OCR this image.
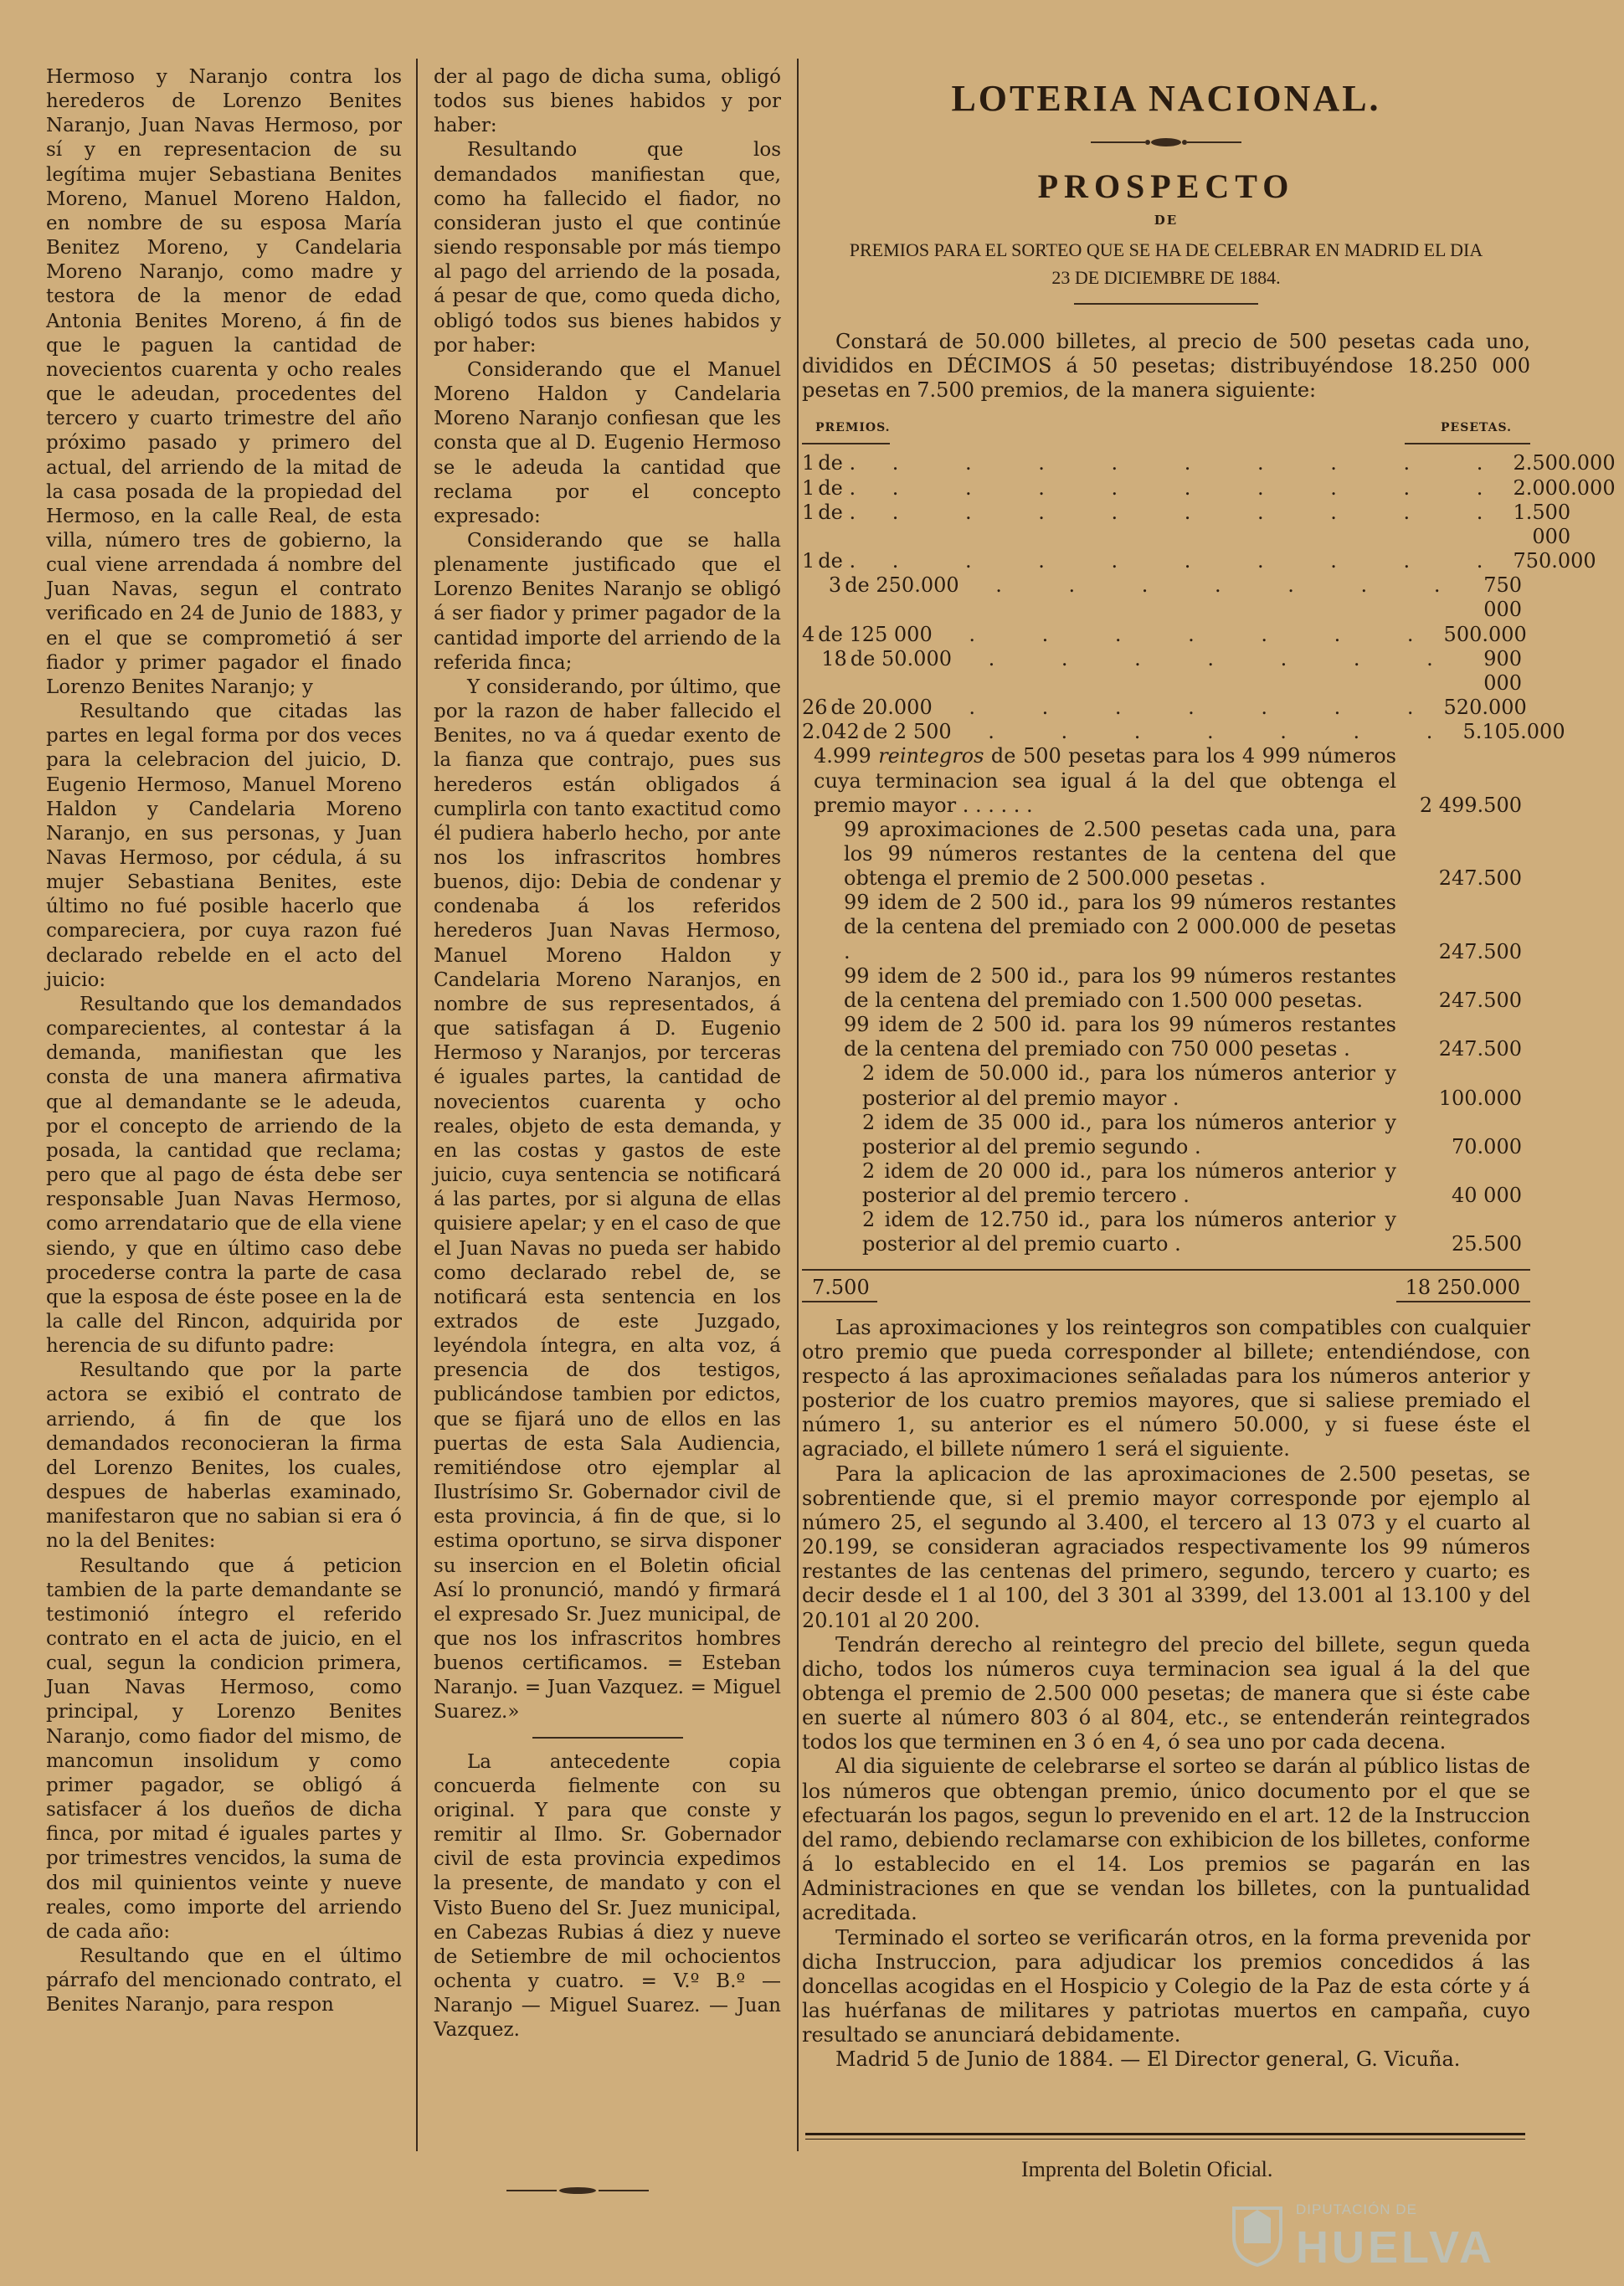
Hermoso y Naranjo contra los herederos de Lorenzo Benites Naranjo, Juan Navas Hermoso, por sí y en representacion de su legítima mujer Sebastiana Benites Moreno, Manuel Moreno Haldon, en nombre de su esposa María Benitez Moreno, y Candelaria Moreno Naranjo, como madre y testora de la menor de edad Antonia Benites Moreno, á fin de que le paguen la cantidad de novecientos cuarenta y ocho reales que le adeudan, procedentes del tercero y cuarto trimestre del año próximo pasado y primero del actual, del arriendo de la mitad de la casa posada de la propiedad del Hermoso, en la calle Real, de esta villa, número tres de gobierno, la cual viene arrendada á nombre del Juan Navas, segun el contrato verificado en 24 de Junio de 1883, y en el que se comprometió á ser fiador y primer pagador el finado Lorenzo Benites Naranjo; y

Resultando que citadas las partes en legal forma por dos veces para la celebracion del juicio, D. Eugenio Hermoso, Manuel Moreno Haldon y Candelaria Moreno Naranjo, en sus personas, y Juan Navas Hermoso, por cédula, á su mujer Sebastiana Benites, este último no fué posible hacerlo que compareciera, por cuya razon fué declarado rebelde en el acto del juicio:

Resultando que los demandados comparecientes, al contestar á la demanda, manifiestan que les consta de una manera afirmativa que al demandante se le adeuda, por el concepto de arriendo de la posada, la cantidad que reclama; pero que al pago de ésta debe ser responsable Juan Navas Hermoso, como arrendatario que de ella viene siendo, y que en último caso debe procederse contra la parte de casa que la esposa de éste posee en la de la calle del Rincon, adquirida por herencia de su difunto padre:

Resultando que por la parte actora se exibió el contrato de arriendo, á fin de que los demandados reconocieran la firma del Lorenzo Benites, los cuales, despues de haberlas examinado, manifestaron que no sabian si era ó no la del Benites:

Resultando que á peticion tambien de la parte demandante se testimonió íntegro el referido contrato en el acta de juicio, en el cual, segun la condicion primera, Juan Navas Hermoso, como principal, y Lorenzo Benites Naranjo, como fiador del mismo, de mancomun insolidum y como primer pagador, se obligó á satisfacer á los dueños de dicha finca, por mitad é iguales partes y por trimestres vencidos, la suma de dos mil quinientos veinte y nueve reales, como importe del arriendo de cada año:

Resultando que en el último párrafo del mencionado contrato, el Benites Naranjo, para respon

der al pago de dicha suma, obligó todos sus bienes habidos y por haber:

Resultando que los demandados manifiestan que, como ha fallecido el fiador, no consideran justo el que continúe siendo responsable por más tiempo al pago del arriendo de la posada, á pesar de que, como queda dicho, obligó todos sus bienes habidos y por haber:

Considerando que el Manuel Moreno Haldon y Candelaria Moreno Naranjo confiesan que les consta que al D. Eugenio Hermoso se le adeuda la cantidad que reclama por el concepto expresado:

Considerando que se halla plenamente justificado que el Lorenzo Benites Naranjo se obligó á ser fiador y primer pagador de la cantidad importe del arriendo de la referida finca;

Y considerando, por último, que por la razon de haber fallecido el Benites, no va á quedar exento de la fianza que contrajo, pues sus herederos están obligados á cumplirla con tanto exactitud como él pudiera haberlo hecho, por ante nos los infrascritos hombres buenos, dijo: Debia de condenar y condenaba á los referidos herederos Juan Navas Hermoso, Manuel Moreno Haldon y Candelaria Moreno Naranjos, en nombre de sus representados, á que satisfagan á D. Eugenio Hermoso y Naranjos, por terceras é iguales partes, la cantidad de novecientos cuarenta y ocho reales, objeto de esta demanda, y en las costas y gastos de este juicio, cuya sentencia se notificará á las partes, por si alguna de ellas quisiere apelar; y en el caso de que el Juan Navas no pueda ser habido como declarado rebel de, se notificará esta sentencia en los extrados de este Juzgado, leyéndola íntegra, en alta voz, á presencia de dos testigos, publicándose tambien por edictos, que se fijará uno de ellos en las puertas de esta Sala Audiencia, remitiéndose otro ejemplar al Ilustrísimo Sr. Gobernador civil de esta provincia, á fin de que, si lo estima oportuno, se sirva disponer su insercion en el Boletin oficial Así lo pronunció, mandó y firmará el expresado Sr. Juez municipal, de que nos los infrascritos hombres buenos certificamos. = Esteban Naranjo. = Juan Vazquez. = Miguel Suarez.»

La antecedente copia concuerda fielmente con su original. Y para que conste y remitir al Ilmo. Sr. Gobernador civil de esta provincia expedimos la presente, de mandato y con el Visto Bueno del Sr. Juez municipal, en Cabezas Rubias á diez y nueve de Setiembre de mil ochocientos ochenta y cuatro. = V.º B.º — Naranjo — Miguel Suarez. — Juan Vazquez.

LOTERIA NACIONAL.
PROSPECTO
DE
PREMIOS PARA EL SORTEO QUE SE HA DE CELEBRAR EN MADRID EL DIA
23 DE DICIEMBRE DE 1884.

Constará de 50.000 billetes, al precio de 500 pesetas cada uno, divididos en DÉCIMOS á 50 pesetas; distribuyéndose 18.250 000 pesetas en 7.500 premios, de la manera siguiente:

PREMIOS.	PESETAS.
1 de . . . . . . . . . . 2.500.000
1 de . . . . . . . . . . 2.000.000
1 de . . . . . . . . . . 1.500 000
1 de . . . . . . . . . . 750.000
3 de 250.000 . . . . . . . 750 000
4 de 125 000 . . . . . . . 500.000
18 de 50.000 . . . . . . .	900 000
26 de 20.000 . . . . . . . 520.000
2.042 de 2 500 . . . . . . . 5.105.000
4.999 reintegros de 500 pesetas para los 4 999 números cuya terminacion sea igual á la del que obtenga el premio mayor . . . . . .	2 499.500
99 aproximaciones de 2.500 pesetas cada una, para los 99 números restantes de la centena del que obtenga el premio de 2 500.000 pesetas .	247.500
99 idem de 2 500 id., para los 99 números restantes de la centena del premiado con 2 000.000 de pesetas .	247.500
99 idem de 2 500 id., para los 99 números restantes de la centena del premiado con 1.500 000 pesetas.	247.500
99 idem de 2 500 id. para los 99 números restantes de la centena del premiado con 750 000 pesetas .	247.500
2 idem de 50.000 id., para los números anterior y posterior al del premio mayor .	100.000
2 idem de 35 000 id., para los números anterior y posterior al del premio segundo .	70.000
2 idem de 20 000 id., para los números anterior y posterior al del premio tercero .	40 000
2 idem de 12.750 id., para los números anterior y posterior al del premio cuarto .	25.500
7.500	18 250.000

Las aproximaciones y los reintegros son compatibles con cualquier otro premio que pueda corresponder al billete; entendiéndose, con respecto á las aproximaciones señaladas para los números anterior y posterior de los cuatro premios mayores, que si saliese premiado el número 1, su anterior es el número 50.000, y si fuese éste el agraciado, el billete número 1 será el siguiente.

Para la aplicacion de las aproximaciones de 2.500 pesetas, se sobrentiende que, si el premio mayor corresponde por ejemplo al número 25, el segundo al 3.400, el tercero al 13 073 y el cuarto al 20.199, se consideran agraciados respectivamente los 99 números restantes de las centenas del primero, segundo, tercero y cuarto; es decir desde el 1 al 100, del 3 301 al 3399, del 13.001 al 13.100 y del 20.101 al 20 200.

Tendrán derecho al reintegro del precio del billete, segun queda dicho, todos los números cuya terminacion sea igual á la del que obtenga el premio de 2.500 000 pesetas; de manera que si éste cabe en suerte al número 803 ó al 804, etc., se entenderán reintegrados todos los que terminen en 3 ó en 4, ó sea uno por cada decena.

Al dia siguiente de celebrarse el sorteo se darán al público listas de los números que obtengan premio, único documento por el que se efectuarán los pagos, segun lo prevenido en el art. 12 de la Instruccion del ramo, debiendo reclamarse con exhibicion de los billetes, conforme á lo establecido en el 14. Los premios se pagarán en las Administraciones en que se vendan los billetes, con la puntualidad acreditada.

Terminado el sorteo se verificarán otros, en la forma prevenida por dicha Instruccion, para adjudicar los premios concedidos á las doncellas acogidas en el Hospicio y Colegio de la Paz de esta córte y á las huérfanas de militares y patriotas muertos en campaña, cuyo resultado se anunciará debidamente.

Madrid 5 de Junio de 1884. — El Director general, G. Vicuña.

Imprenta del Boletin Oficial.
DIPUTACIÓN DE
HUELVA
